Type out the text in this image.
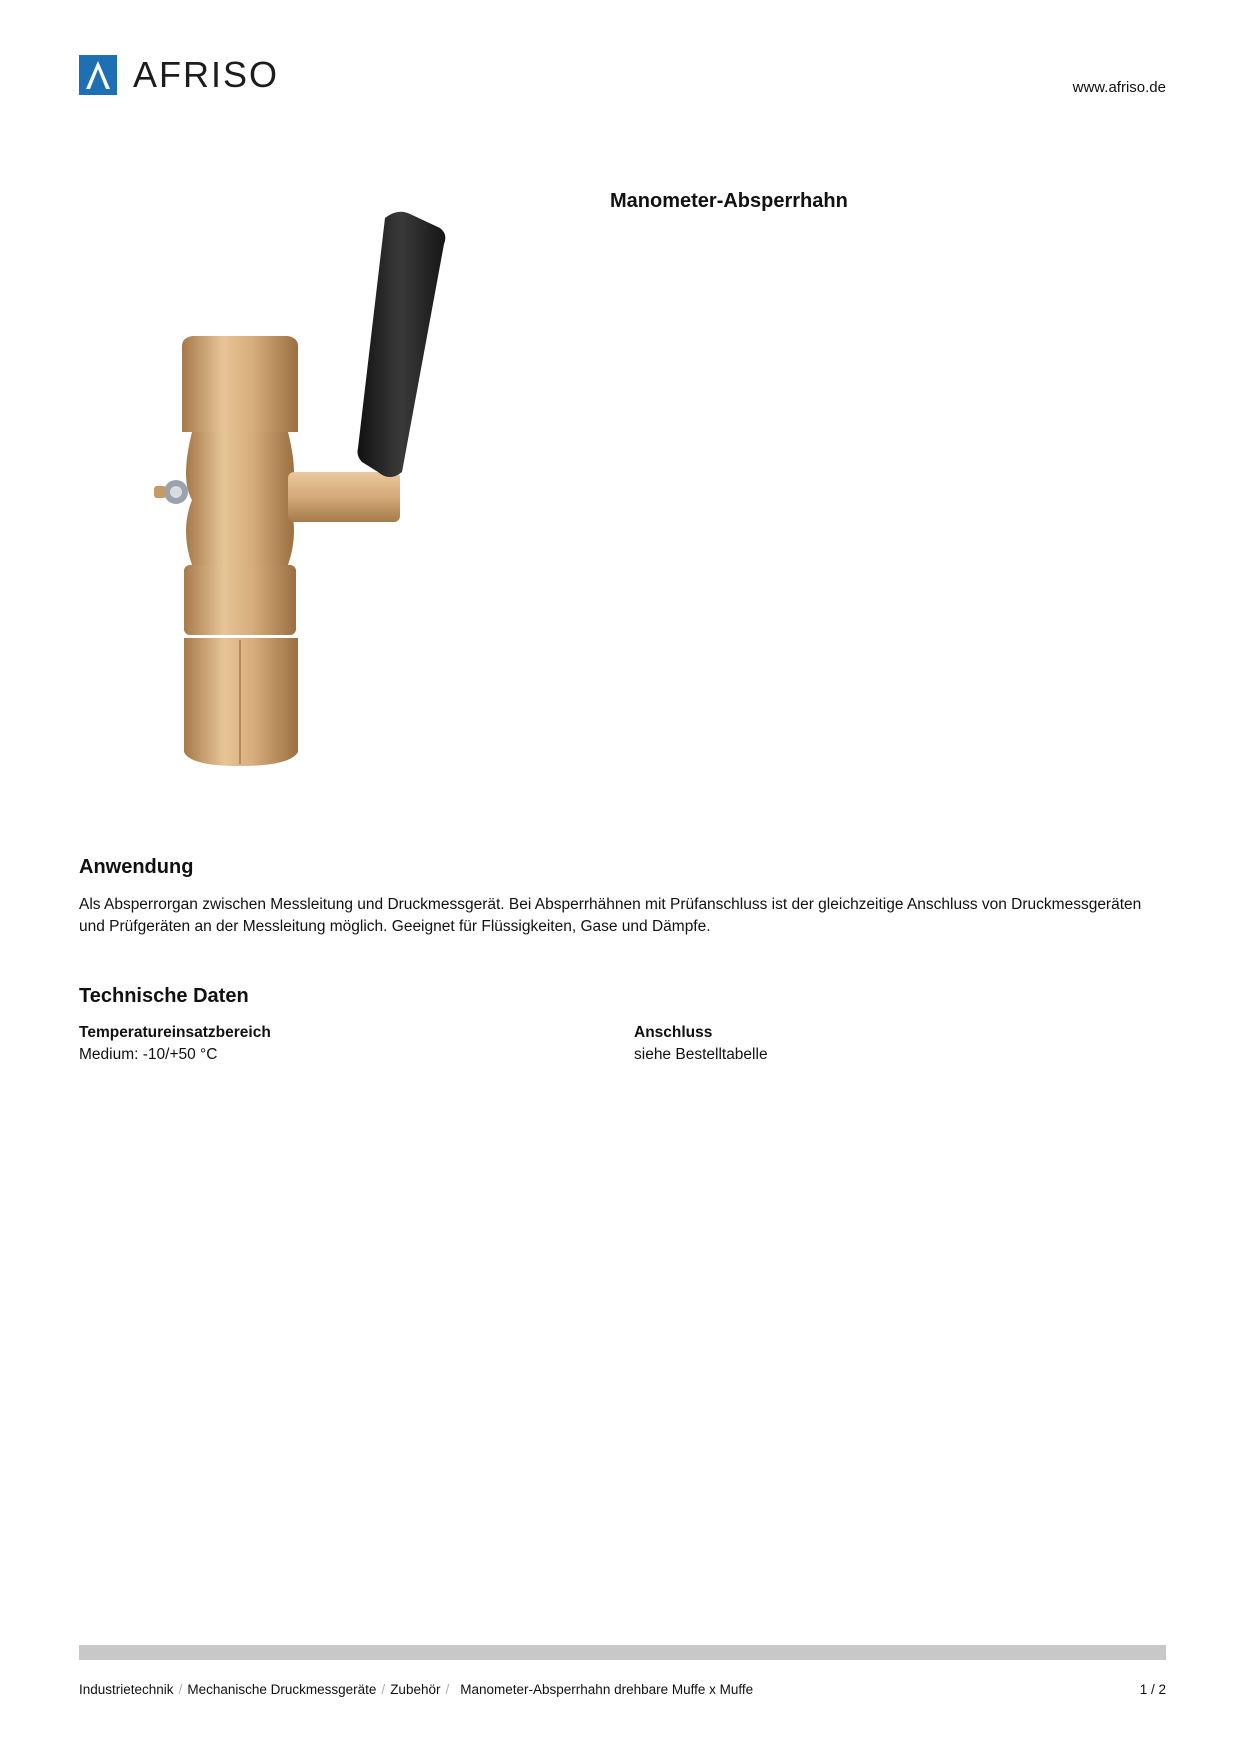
AFRISO	www.afriso.de
Manometer-Absperrhahn
Anwendung

Als Absperrorgan zwischen Messleitung und Druckmessgerät. Bei Absperrhähnen mit Prüfanschluss ist der gleichzeitige Anschluss von Druckmessgeräten und Prüfgeräten an der Messleitung möglich. Geeignet für Flüssigkeiten, Gase und Dämpfe.

Technische Daten
Temperatureinsatzbereich
Medium: -10/+50 °C
Anschluss
siehe Bestelltabelle
Industrietechnik / Mechanische Druckmessgeräte / Zubehör / Manometer-Absperrhahn drehbare Muffe x Muffe	1 / 2
